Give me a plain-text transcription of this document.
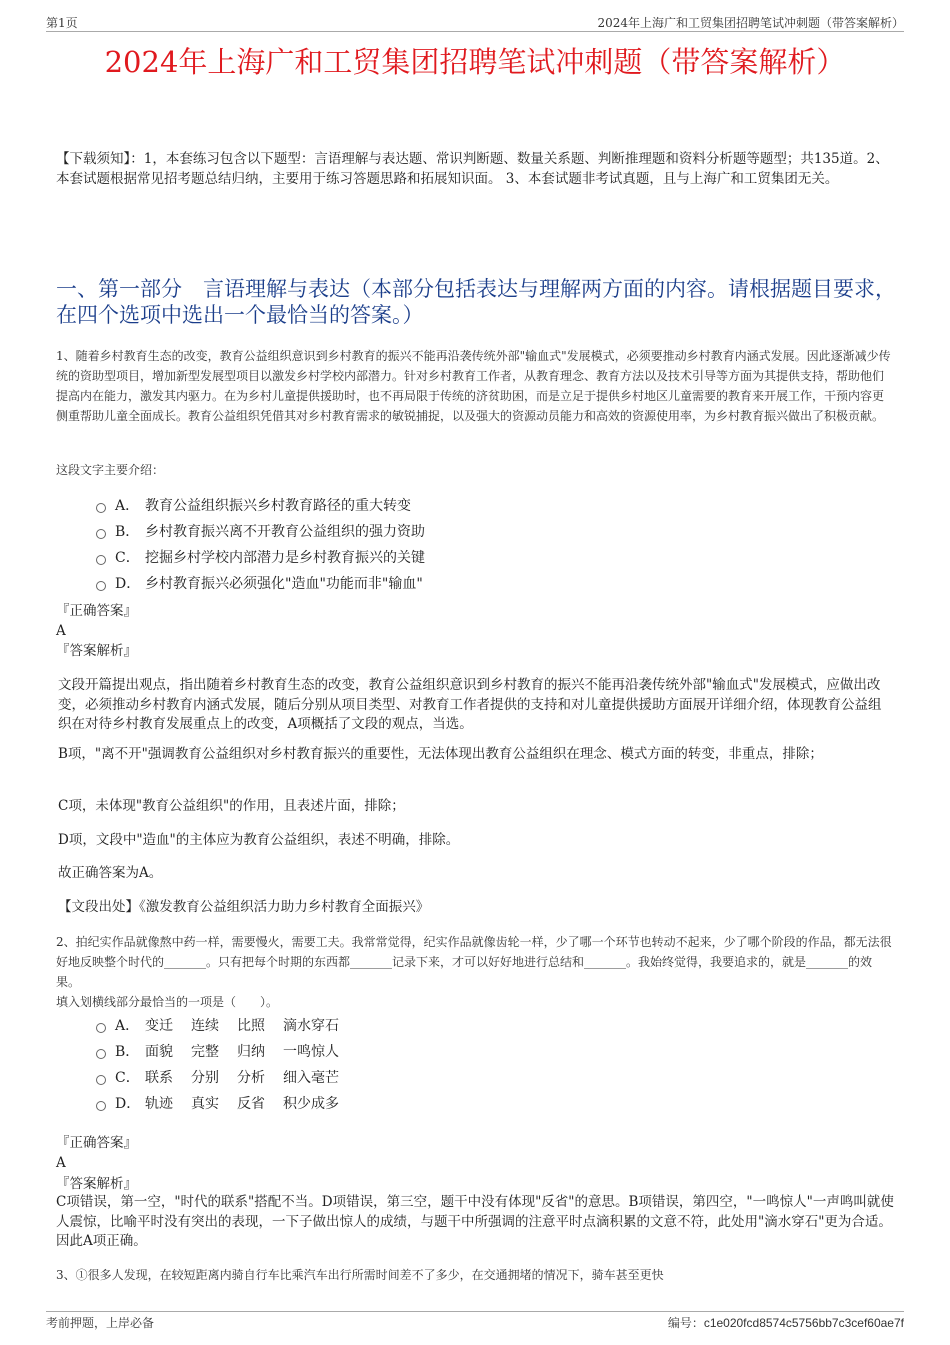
第1页	2024年上海广和工贸集团招聘笔试冲刺题（带答案解析）
2024年上海广和工贸集团招聘笔试冲刺题（带答案解析）
【下载须知】：1，本套练习包含以下题型：言语理解与表达题、常识判断题、数量关系题、判断推理题和资料分析题等题型；共135道。2、本套试题根据常见招考题总结归纳，主要用于练习答题思路和拓展知识面。 3、本套试题非考试真题，且与上海广和工贸集团无关。
一、第一部分　言语理解与表达（本部分包括表达与理解两方面的内容。请根据题目要求，在四个选项中选出一个最恰当的答案。）
1、随着乡村教育生态的改变，教育公益组织意识到乡村教育的振兴不能再沿袭传统外部"输血式"发展模式，必须要推动乡村教育内涵式发展。因此逐渐减少传统的资助型项目，增加新型发展型项目以激发乡村学校内部潜力。针对乡村教育工作者，从教育理念、教育方法以及技术引导等方面为其提供支持，帮助他们提高内在能力，激发其内驱力。在为乡村儿童提供援助时，也不再局限于传统的济贫助困，而是立足于提供乡村地区儿童需要的教育来开展工作，干预内容更侧重帮助儿童全面成长。教育公益组织凭借其对乡村教育需求的敏锐捕捉，以及强大的资源动员能力和高效的资源使用率，为乡村教育振兴做出了积极贡献。
这段文字主要介绍：
A． 教育公益组织振兴乡村教育路径的重大转变
B． 乡村教育振兴离不开教育公益组织的强力资助
C． 挖掘乡村学校内部潜力是乡村教育振兴的关键
D． 乡村教育振兴必须强化"造血"功能而非"输血"
『正确答案』
A
『答案解析』
文段开篇提出观点，指出随着乡村教育生态的改变，教育公益组织意识到乡村教育的振兴不能再沿袭传统外部"输血式"发展模式，应做出改变，必须推动乡村教育内涵式发展，随后分别从项目类型、对教育工作者提供的支持和对儿童提供援助方面展开详细介绍，体现教育公益组织在对待乡村教育发展重点上的改变，A项概括了文段的观点，当选。
B项，"离不开"强调教育公益组织对乡村教育振兴的重要性，无法体现出教育公益组织在理念、模式方面的转变，非重点，排除；
C项，未体现"教育公益组织"的作用，且表述片面，排除；
D项，文段中"造血"的主体应为教育公益组织，表述不明确，排除。
故正确答案为A。
【文段出处】《激发教育公益组织活力助力乡村教育全面振兴》
2、拍纪实作品就像熬中药一样，需要慢火，需要工夫。我常常觉得，纪实作品就像齿轮一样，少了哪一个环节也转动不起来，少了哪个阶段的作品，都无法很好地反映整个时代的_______。只有把每个时期的东西都_______记录下来，才可以好好地进行总结和_______。我始终觉得，我要追求的，就是_______的效果。
填入划横线部分最恰当的一项是（　　）。
A． 变迁 连续 比照 滴水穿石
B． 面貌 完整 归纳 一鸣惊人
C． 联系 分别 分析 细入毫芒
D． 轨迹 真实 反省 积少成多
『正确答案』
A
『答案解析』
C项错误，第一空，"时代的联系"搭配不当。D项错误，第三空，题干中没有体现"反省"的意思。B项错误，第四空，"一鸣惊人"一声鸣叫就使人震惊，比喻平时没有突出的表现，一下子做出惊人的成绩，与题干中所强调的注意平时点滴积累的文意不符，此处用"滴水穿石"更为合适。因此A项正确。
3、①很多人发现，在较短距离内骑自行车比乘汽车出行所需时间差不了多少，在交通拥堵的情况下，骑车甚至更快
考前押题，上岸必备	编号：c1e020fcd8574c5756bb7c3cef60ae7f
